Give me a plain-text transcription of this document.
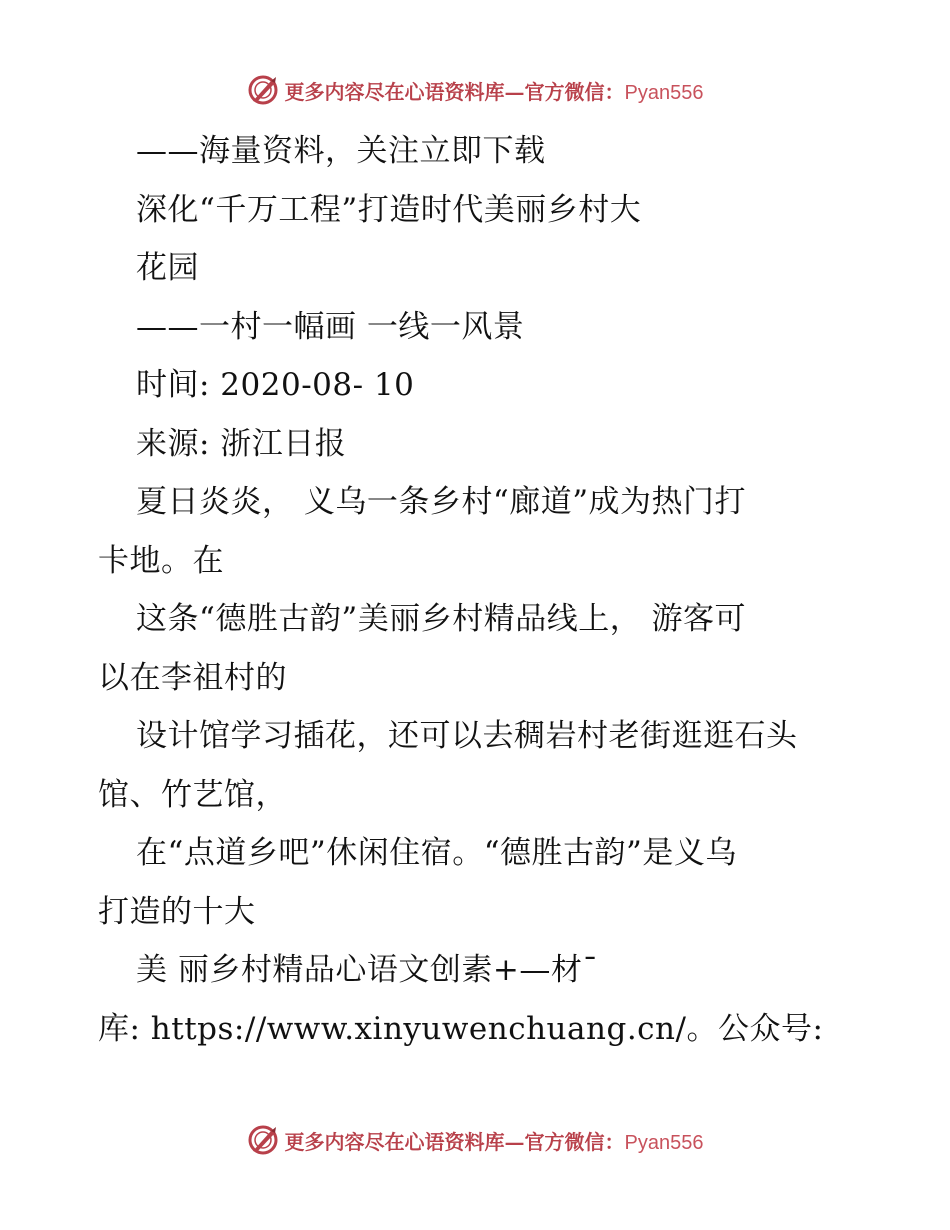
更多内容尽在心语资料库—官方微信：Pyan556
——海量资料，关注立即下载
深化“千万工程”打造时代美丽乡村大
花园
——一村一幅画 一线一风景
时间: 2020-08- 10
来源: 浙江日报
夏日炎炎， 义乌一条乡村“廊道”成为热门打
卡地。在
这条“德胜古韵”美丽乡村精品线上， 游客可
以在李祖村的
设计馆学习插花，还可以去稠岩村老街逛逛石头
馆、竹艺馆，
在“点道乡吧”休闲住宿。“德胜古韵”是义乌
打造的十大
美 丽乡村精品心语文创素+—材¯
库: https://www.xinyuwenchuang.cn/。公众号:
更多内容尽在心语资料库—官方微信：Pyan556
